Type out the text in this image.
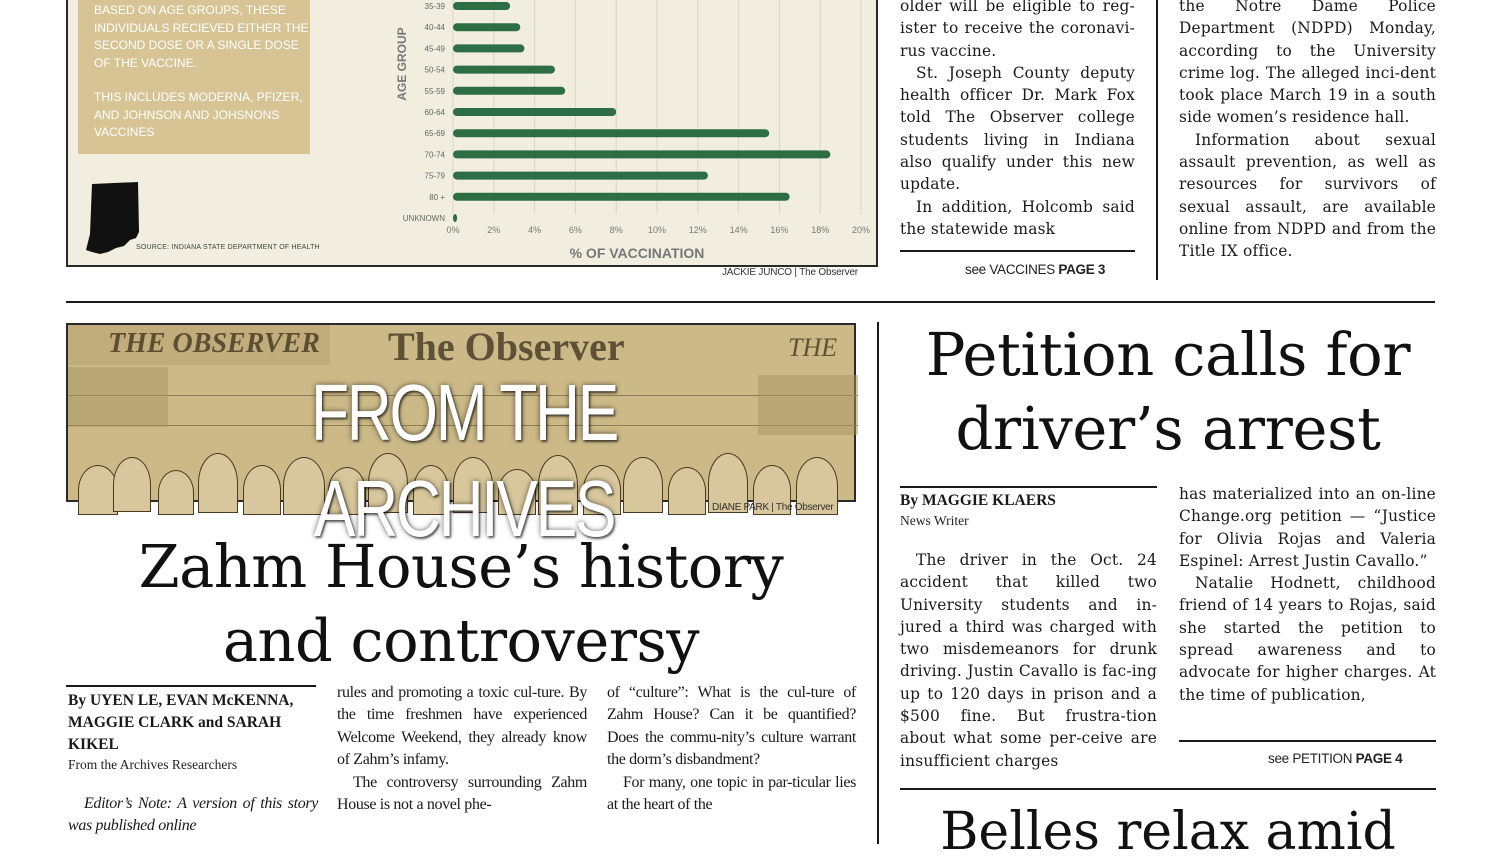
BASED ON AGE GROUPS, THESE INDIVIDUALS RECIEVED EITHER THE SECOND DOSE OR A SINGLE DOSE OF THE VACCINE.

THIS INCLUDES MODERNA, PFIZER, AND JOHNSON AND JOHSNONS VACCINES

SOURCE: INDIANA STATE DEPARTMENT OF HEALTH
0%	2%	4%	6%	8%	10%	12%	14%	16%	18%	20%
35-39
40-44
45-49
50-54
55-59
60-64
65-69
70-74
75-79
80 +
UNKNOWN
% OF VACCINATION
AGE GROUP
JACKIE JUNCO | The Observer

older will be eligible to reg-ister to receive the coronavi-rus vaccine.

St. Joseph County deputy health officer Dr. Mark Fox told The Observer college students living in Indiana also qualify under this new update.

In addition, Holcomb said the statewide mask

see VACCINES PAGE 3

the Notre Dame Police Department (NDPD) Monday, according to the University crime log. The alleged inci-dent took place March 19 in a south side women’s residence hall.

Information about sexual assault prevention, as well as resources for survivors of sexual assault, are available online from NDPD and from the Title IX office.

THE OBSERVER The Observer	THE
FROM THE ARCHIVES	DIANE PARK | The Observer
Zahm House’s history
and controversy
By UYEN LE, EVAN McKENNA, MAGGIE CLARK and SARAH KIKEL
From the Archives Researchers

Editor’s Note: A version of this story was published online

rules and promoting a toxic cul-ture. By the time freshmen have experienced Welcome Weekend, they already know of Zahm’s infamy.

The controversy surrounding Zahm House is not a novel phe-

of “culture”: What is the cul-ture of Zahm House? Can it be quantified? Does the commu-nity’s culture warrant the dorm’s disbandment?

For many, one topic in par-ticular lies at the heart of the

Petition calls for
driver’s arrest
By MAGGIE KLAERS
News Writer

The driver in the Oct. 24 accident that killed two University students and in-jured a third was charged with two misdemeanors for drunk driving. Justin Cavallo is fac-ing up to 120 days in prison and a $500 fine. But frustra-tion about what some per-ceive are insufficient charges

has materialized into an on-line Change.org petition — “Justice for Olivia Rojas and Valeria Espinel: Arrest Justin Cavallo.”

Natalie Hodnett, childhood friend of 14 years to Rojas, said she started the petition to spread awareness and to advocate for higher charges. At the time of publication,

see PETITION PAGE 4
Belles relax amid
